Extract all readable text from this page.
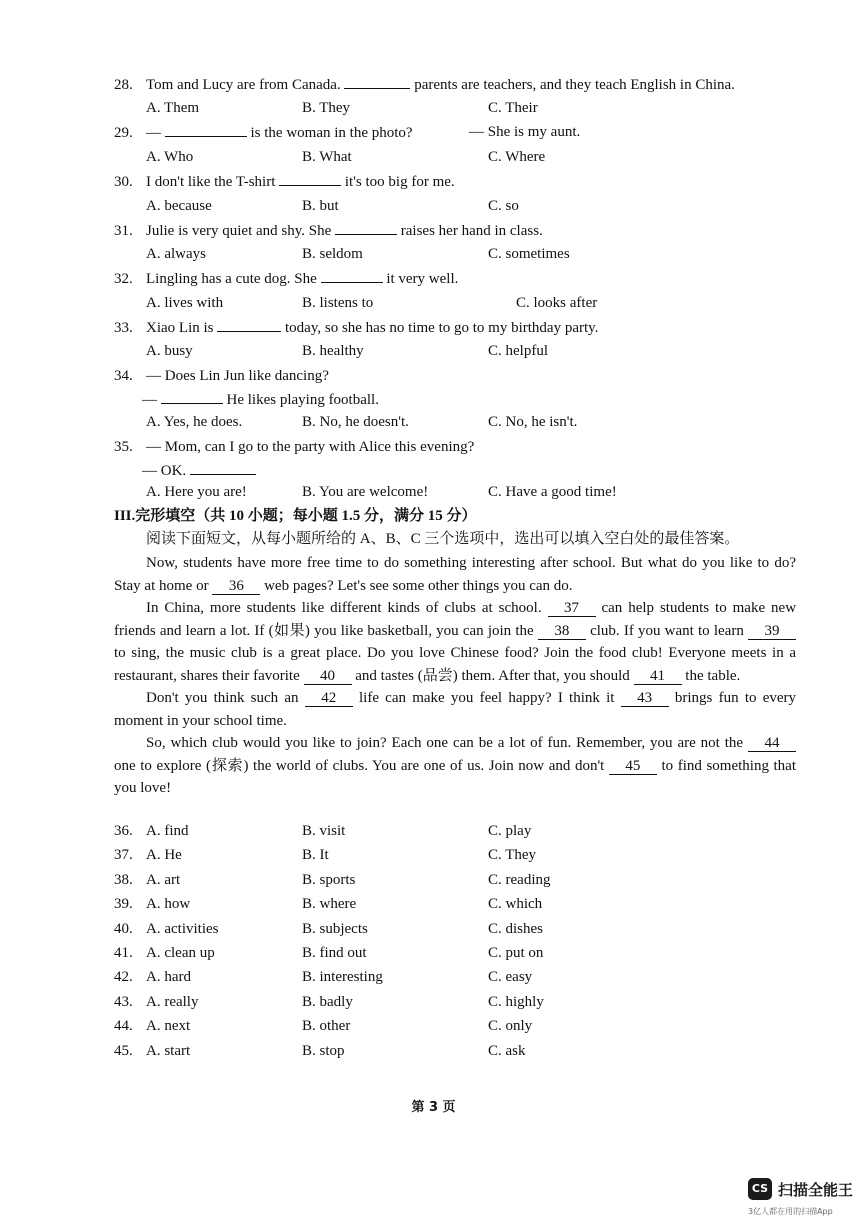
28. Tom and Lucy are from Canada.	parents are teachers, and they teach English in China.
A. Them	B. They	C. Their
29. —	is the woman in the photo?	— She is my aunt.
A. Who	B. What	C. Where
30. I don't like the T-shirt	it's too big for me.
A. because	B. but	C. so
31. Julie is very quiet and shy. She	raises her hand in class.
A. always	B. seldom	C. sometimes
32. Lingling has a cute dog. She	it very well.
A. lives with	B. listens to	C. looks after
33. Xiao Lin is	today, so she has no time to go to my birthday party.
A. busy	B. healthy	C. helpful
34. — Does Lin Jun like dancing?
—	He likes playing football.
A. Yes, he does.	B. No, he doesn't.	C. No, he isn't.
35. — Mom, can I go to the party with Alice this evening?
— OK.
A. Here you are!	B. You are welcome!	C. Have a good time!
III.完形填空（共 10 小题；每小题 1.5 分，满分 15 分）
阅读下面短文，从每小题所给的 A、B、C 三个选项中，选出可以填入空白处的最佳答案。

Now, students have more free time to do something interesting after school. But what do you like to do? Stay at home or 36 web pages? Let's see some other things you can do.

In China, more students like different kinds of clubs at school. 37 can help students to make new friends and learn a lot. If (如果) you like basketball, you can join the 38 club. If you want to learn 39 to sing, the music club is a great place. Do you love Chinese food? Join the food club! Everyone meets in a restaurant, shares their favorite 40 and tastes (品尝) them. After that, you should 41 the table.

Don't you think such an 42 life can make you feel happy? I think it 43 brings fun to every moment in your school time.

So, which club would you like to join? Each one can be a lot of fun. Remember, you are not the 44 one to explore (探索) the world of clubs. You are one of us. Join now and don't 45 to find something that you love!

36. A. find	B. visit	C. play
37. A. He	B. It	C. They
38. A. art	B. sports	C. reading
39. A. how	B. where	C. which
40. A. activities	B. subjects	C. dishes
41. A. clean up	B. find out	C. put on
42. A. hard	B. interesting	C. easy
43. A. really	B. badly	C. highly
44. A. next	B. other	C. only
45. A. start	B. stop	C. ask
第 3 页
CS 扫描全能王
3亿人都在用的扫描App
